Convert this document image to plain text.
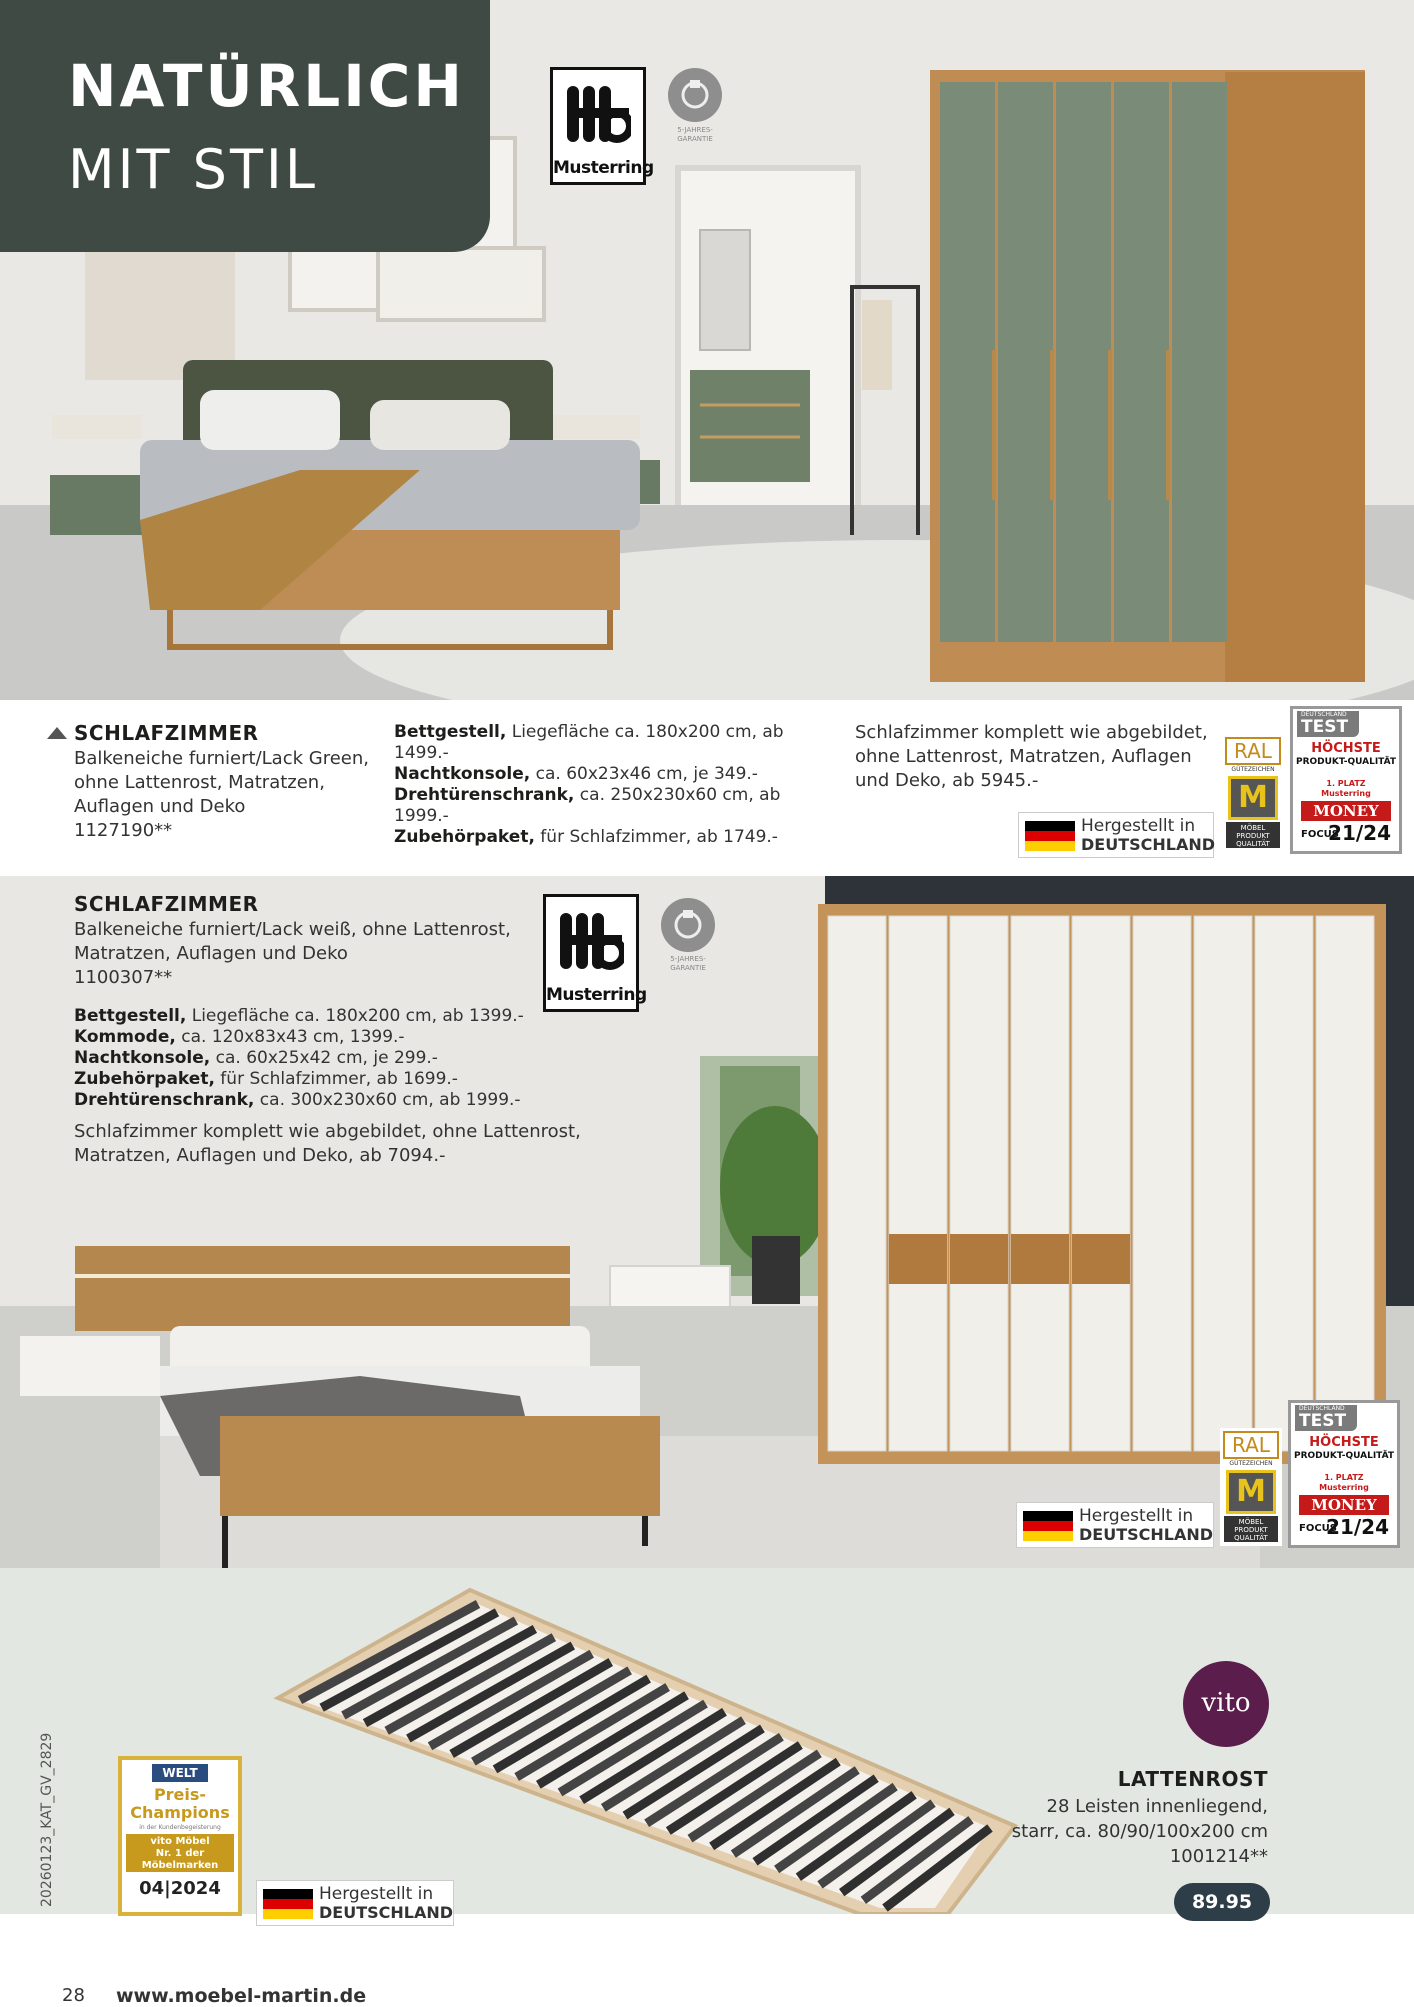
NATÜRLICH
MIT STIL	Musterring
5-JAHRES-GARANTIE
SCHLAFZIMMER
Balkeneiche furniert/Lack Green,
ohne Lattenrost, Matratzen,
Auflagen und Deko
1127190**
Bettgestell, Liegefläche ca. 180x200 cm, ab 1499.-
Nachtkonsole, ca. 60x23x46 cm, je 349.-
Drehtürenschrank, ca. 250x230x60 cm, ab 1999.-
Zubehörpaket, für Schlafzimmer, ab 1749.-
Schlafzimmer komplett wie abgebildet,
ohne Lattenrost, Matratzen, Auflagen
und Deko, ab 5945.-
Hergestellt in
DEUTSCHLAND
RAL
GÜTEZEICHEN
M
MÖBEL PRODUKT QUALITÄT
DEUTSCHLAND
TEST
HÖCHSTE
PRODUKT-QUALITÄT
1. PLATZ
Musterring
MONEY
FOCUS
21/24
SCHLAFZIMMER
Balkeneiche furniert/Lack weiß, ohne Lattenrost,
Matratzen, Auflagen und Deko
1100307**
Bettgestell, Liegefläche ca. 180x200 cm, ab 1399.-
Kommode, ca. 120x83x43 cm, 1399.-
Nachtkonsole, ca. 60x25x42 cm, je 299.-
Zubehörpaket, für Schlafzimmer, ab 1699.-
Drehtürenschrank, ca. 300x230x60 cm, ab 1999.-
Schlafzimmer komplett wie abgebildet, ohne Lattenrost,
Matratzen, Auflagen und Deko, ab 7094.-
Musterring
5-JAHRES-GARANTIE
Hergestellt in
DEUTSCHLAND
RAL
GÜTEZEICHEN
M
MÖBEL PRODUKT QUALITÄT
DEUTSCHLAND
TEST
HÖCHSTE
PRODUKT-QUALITÄT
1. PLATZ
Musterring
MONEY
FOCUS
21/24
WELT
Preis-Champions
in der Kundenbegeisterung
vito Möbel
Nr. 1 der Möbelmarken
04|2024	Hergestellt in
DEUTSCHLAND
vito
LATTENROST
28 Leisten innenliegend,
starr, ca. 80/90/100x200 cm
1001214**
89.95
20260123_KAT_GV_2829
28 www.moebel-martin.de
